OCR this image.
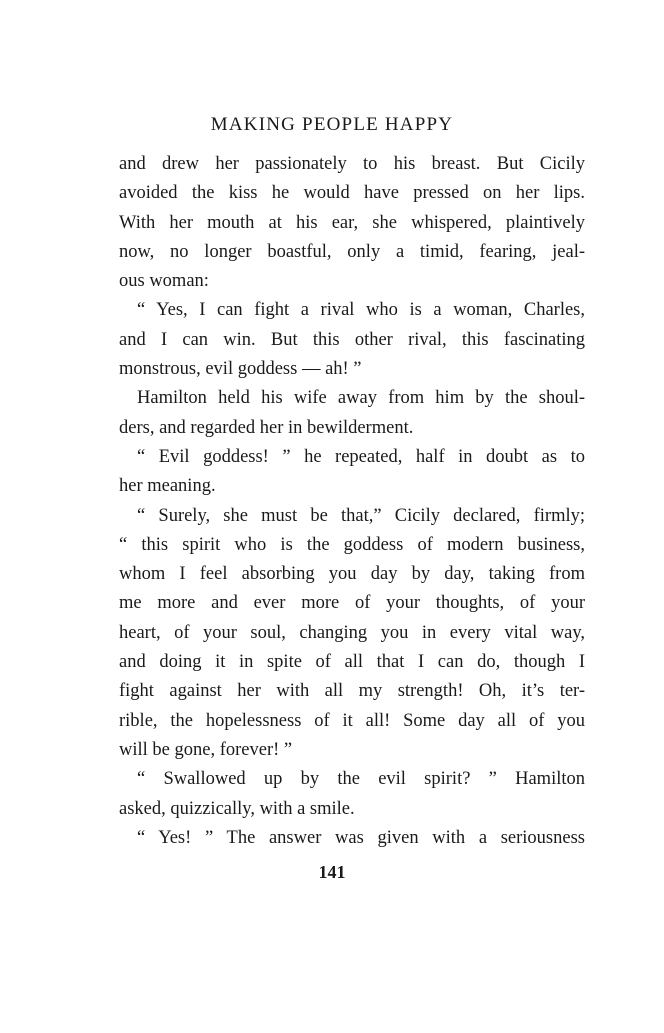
MAKING PEOPLE HAPPY
and drew her passionately to his breast. But Cicily
avoided the kiss he would have pressed on her lips.
With her mouth at his ear, she whispered, plaintively
now, no longer boastful, only a timid, fearing, jeal-
ous woman:
“ Yes, I can fight a rival who is a woman, Charles,
and I can win. But this other rival, this fascinating
monstrous, evil goddess — ah! ”
Hamilton held his wife away from him by the shoul-
ders, and regarded her in bewilderment.
“ Evil goddess! ” he repeated, half in doubt as to
her meaning.
“ Surely, she must be that,” Cicily declared, firmly;
“ this spirit who is the goddess of modern business,
whom I feel absorbing you day by day, taking from
me more and ever more of your thoughts, of your
heart, of your soul, changing you in every vital way,
and doing it in spite of all that I can do, though I
fight against her with all my strength! Oh, it’s ter-
rible, the hopelessness of it all! Some day all of you
will be gone, forever! ”
“ Swallowed up by the evil spirit? ” Hamilton
asked, quizzically, with a smile.
“ Yes! ” The answer was given with a seriousness
141
